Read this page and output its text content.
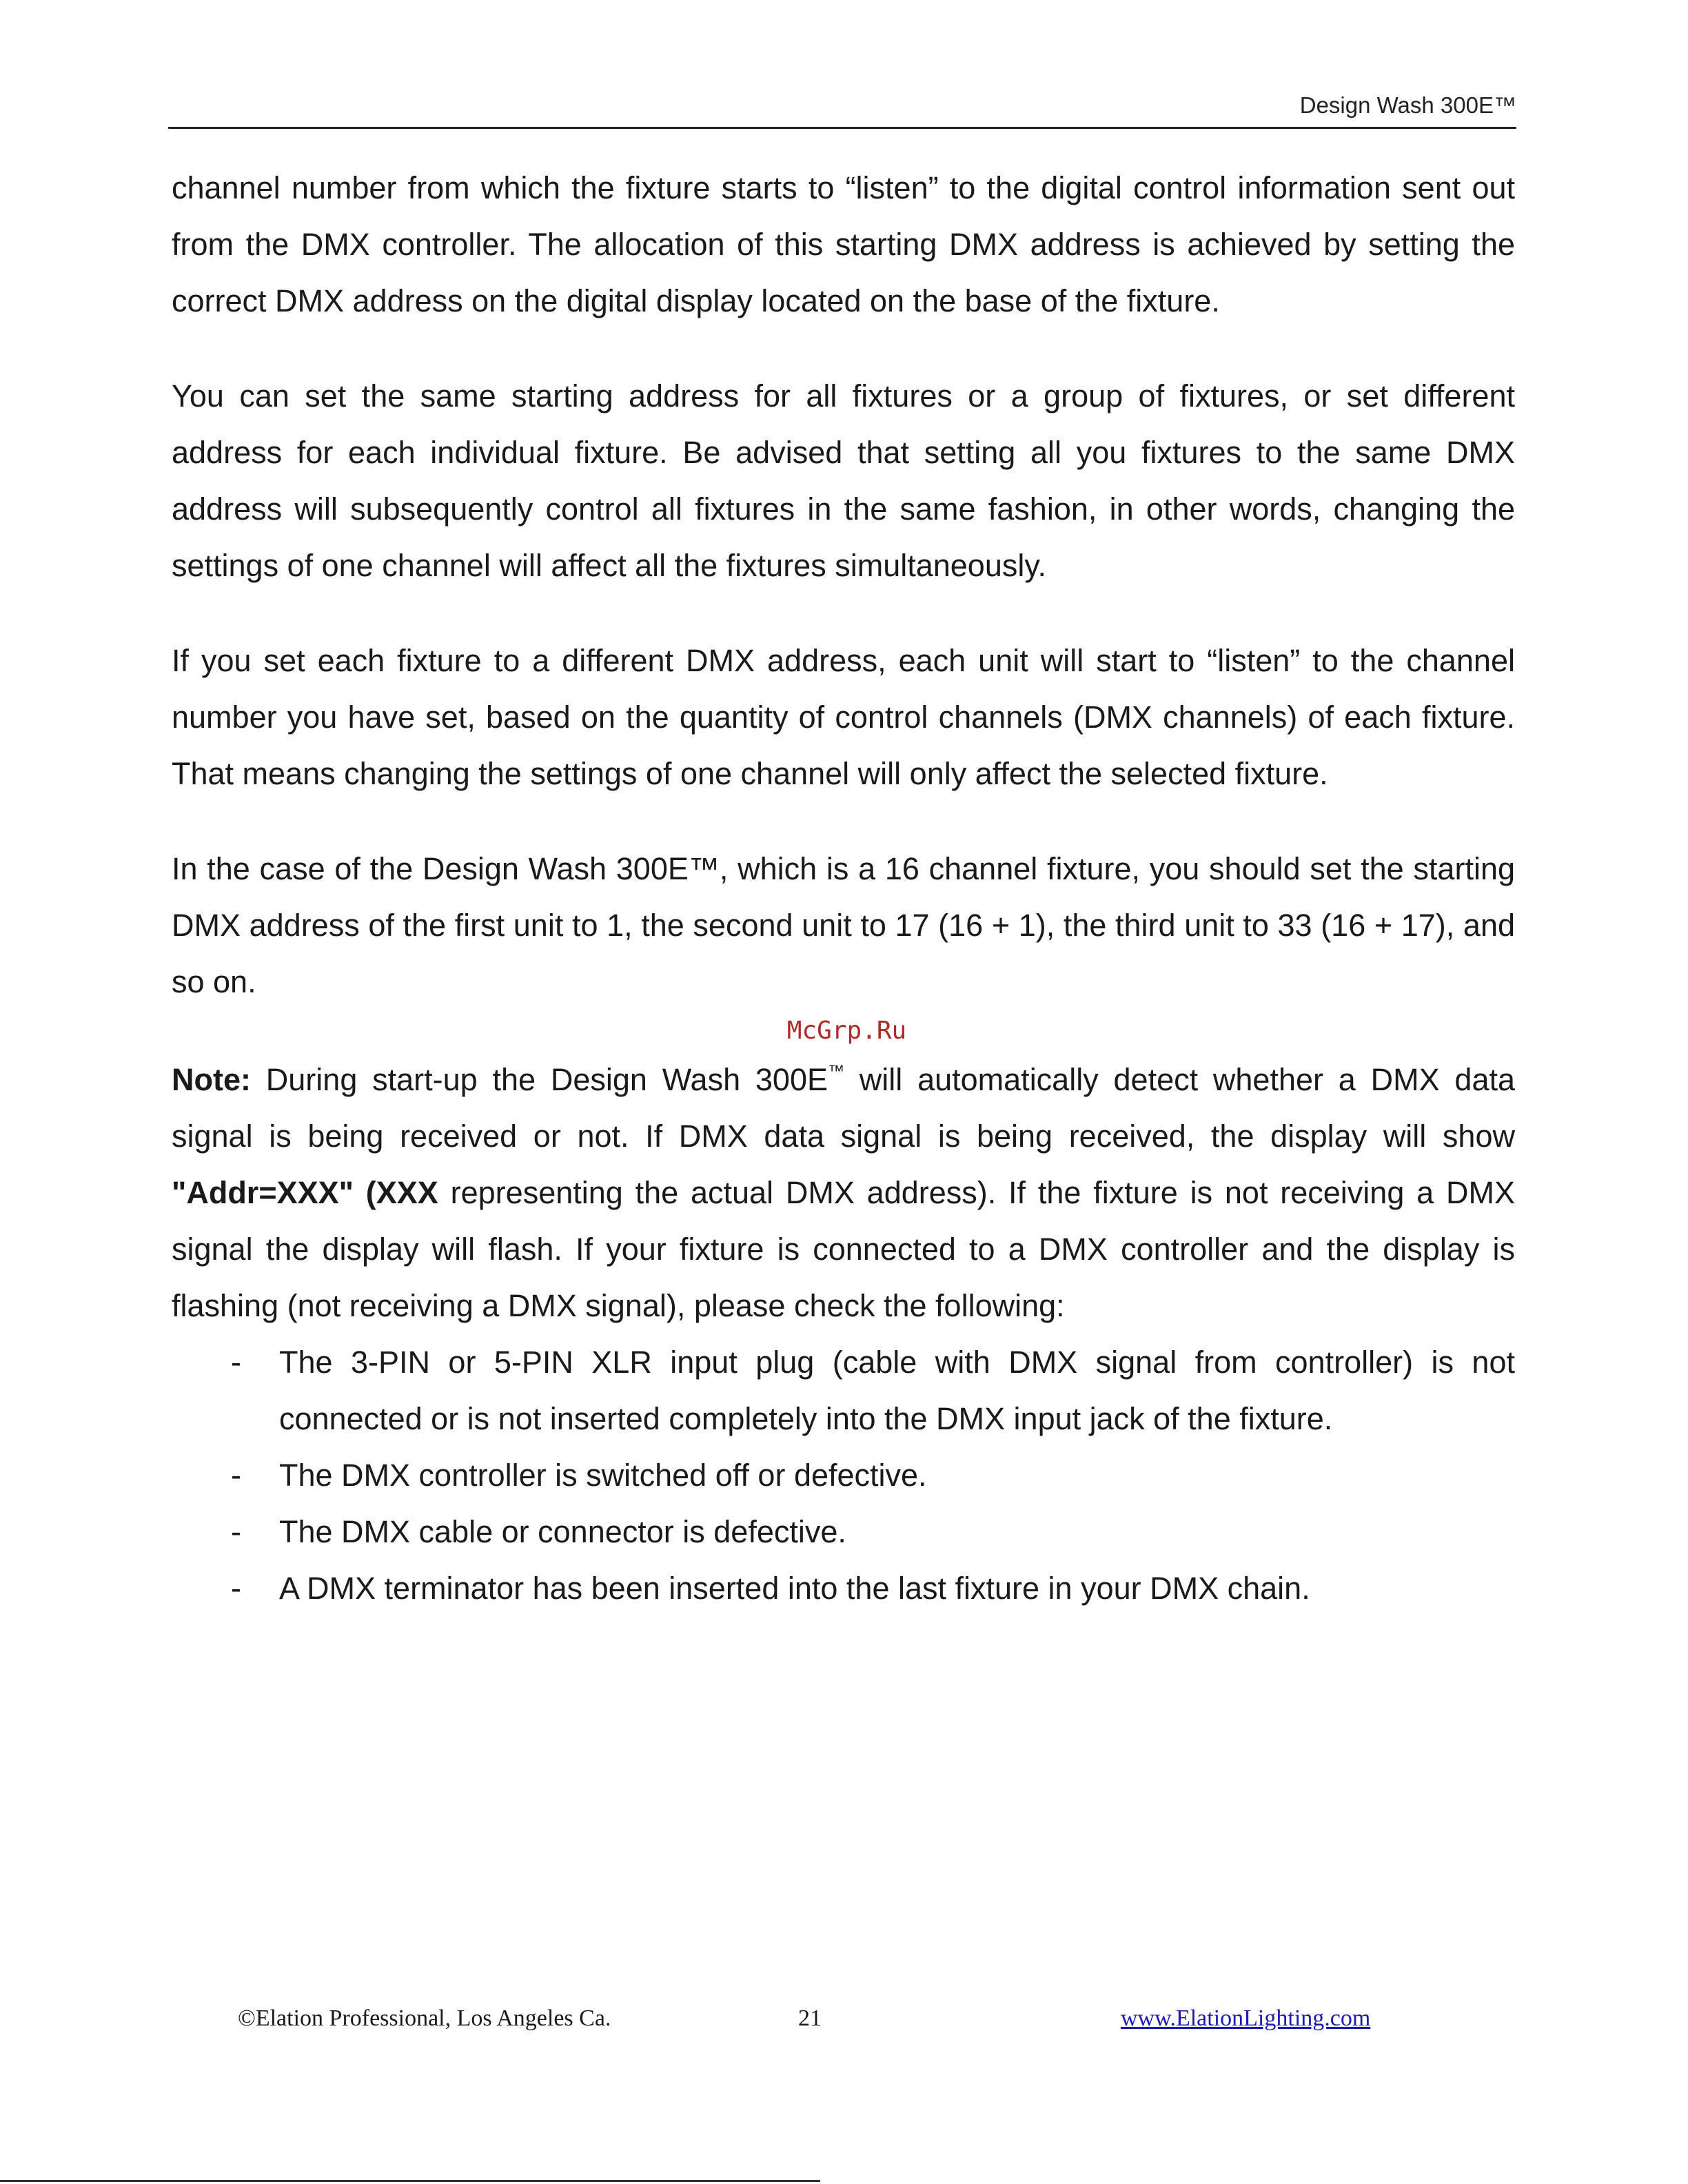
Design Wash 300E™

channel number from which the fixture starts to “listen” to the digital control information sent out from the DMX controller. The allocation of this starting DMX address is achieved by setting the correct DMX address on the digital display located on the base of the fixture.

You can set the same starting address for all fixtures or a group of fixtures, or set different address for each individual fixture. Be advised that setting all you fixtures to the same DMX address will subsequently control all fixtures in the same fashion, in other words, changing the settings of one channel will affect all the fixtures simultaneously.

If you set each fixture to a different DMX address, each unit will start to “listen” to the channel number you have set, based on the quantity of control channels (DMX channels) of each fixture. That means changing the settings of one channel will only affect the selected fixture.

In the case of the Design Wash 300E™, which is a 16 channel fixture, you should set the starting DMX address of the first unit to 1, the second unit to 17 (16 + 1), the third unit to 33 (16 + 17), and so on.

McGrp.Ru

Note: During start-up the Design Wash 300E™ will automatically detect whether a DMX data signal is being received or not. If DMX data signal is being received, the display will show "Addr=XXX" (XXX representing the actual DMX address). If the fixture is not receiving a DMX signal the display will flash. If your fixture is connected to a DMX controller and the display is flashing (not receiving a DMX signal), please check the following:

- The 3-PIN or 5-PIN XLR input plug (cable with DMX signal from controller) is not connected or is not inserted completely into the DMX input jack of the fixture.
- The DMX controller is switched off or defective.
- The DMX cable or connector is defective.
- A DMX terminator has been inserted into the last fixture in your DMX chain.
©Elation Professional, Los Angeles Ca.	21	www.ElationLighting.com
